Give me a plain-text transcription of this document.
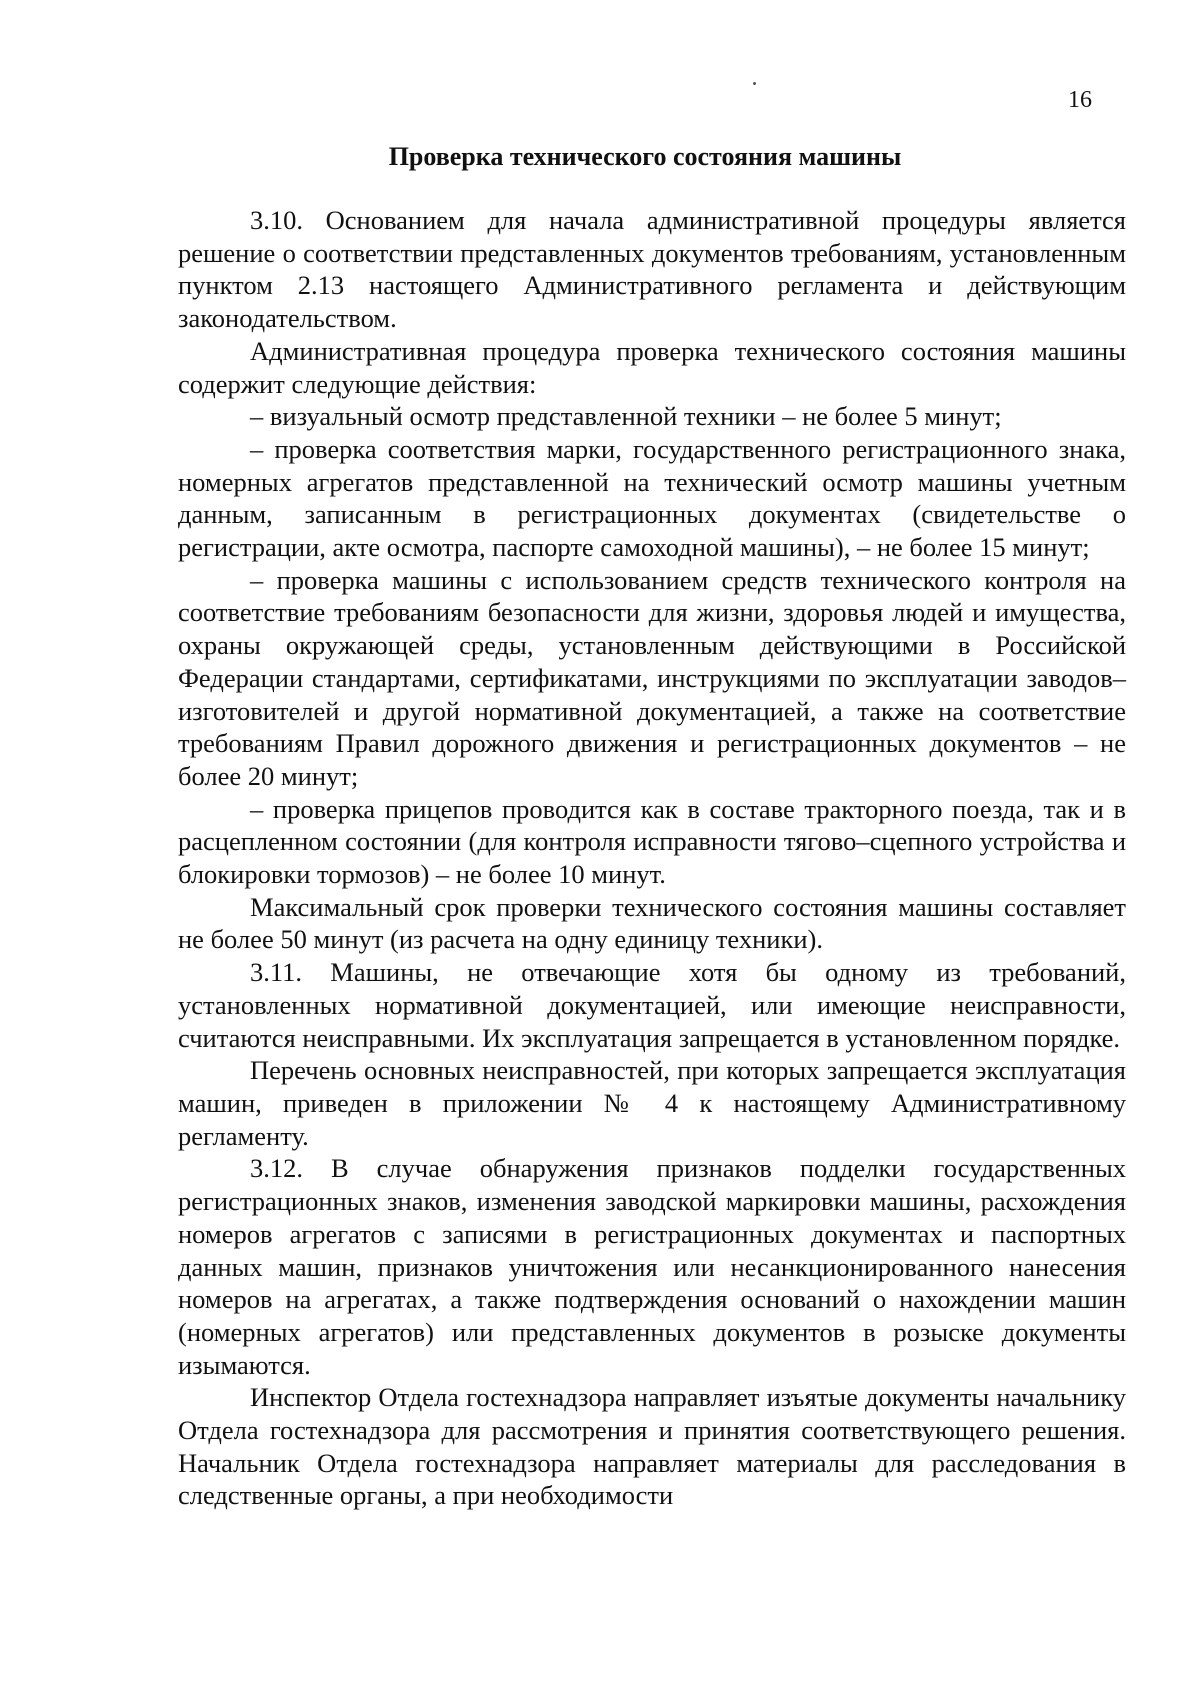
16
Проверка технического состояния машины

3.10. Основанием для начала административной процедуры является решение о соответствии представленных документов требованиям, установленным пунктом 2.13 настоящего Административного регламента и действующим законодательством.

Административная процедура проверка технического состояния машины содержит следующие действия:

– визуальный осмотр представленной техники – не более 5 минут;

– проверка соответствия марки, государственного регистрационного знака, номерных агрегатов представленной на технический осмотр машины учетным данным, записанным в регистрационных документах (свидетельстве о регистрации, акте осмотра, паспорте самоходной машины), – не более 15 минут;

– проверка машины с использованием средств технического контроля на соответствие требованиям безопасности для жизни, здоровья людей и имущества, охраны окружающей среды, установленным действующими в Российской Федерации стандартами, сертификатами, инструкциями по эксплуатации заводов–изготовителей и другой нормативной документацией, а также на соответствие требованиям Правил дорожного движения и регистрационных документов – не более 20 минут;

– проверка прицепов проводится как в составе тракторного поезда, так и в расцепленном состоянии (для контроля исправности тягово–сцепного устройства и блокировки тормозов) – не более 10 минут.

Максимальный срок проверки технического состояния машины составляет не более 50 минут (из расчета на одну единицу техники).

3.11. Машины, не отвечающие хотя бы одному из требований, установленных нормативной документацией, или имеющие неисправности, считаются неисправными. Их эксплуатация запрещается в установленном порядке.

Перечень основных неисправностей, при которых запрещается эксплуатация машин, приведен в приложении № 4 к настоящему Административному регламенту.

3.12. В случае обнаружения признаков подделки государственных регистрационных знаков, изменения заводской маркировки машины, расхождения номеров агрегатов с записями в регистрационных документах и паспортных данных машин, признаков уничтожения или несанкционированного нанесения номеров на агрегатах, а также подтверждения оснований о нахождении машин (номерных агрегатов) или представленных документов в розыске документы изымаются.

Инспектор Отдела гостехнадзора направляет изъятые документы начальнику Отдела гостехнадзора для рассмотрения и принятия соответствующего решения. Начальник Отдела гостехнадзора направляет материалы для расследования в следственные органы, а при необходимости
